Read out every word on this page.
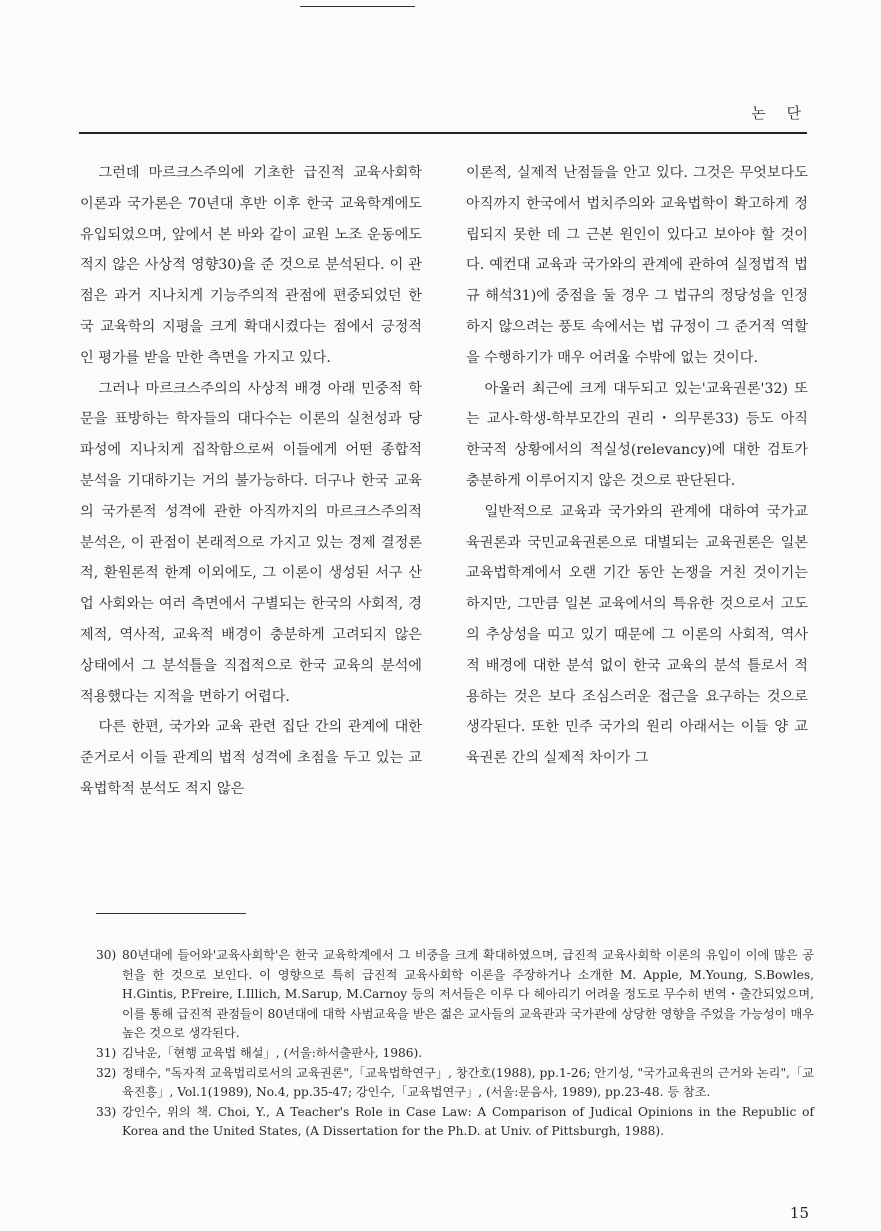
논 단

그런데 마르크스주의에 기초한 급진적 교육사회학 이론과 국가론은 70년대 후반 이후 한국 교육학계에도 유입되었으며, 앞에서 본 바와 같이 교원 노조 운동에도 적지 않은 사상적 영향30)을 준 것으로 분석된다. 이 관점은 과거 지나치게 기능주의적 관점에 편중되었던 한국 교육학의 지평을 크게 확대시켰다는 점에서 긍정적인 평가를 받을 만한 측면을 가지고 있다.

그러나 마르크스주의의 사상적 배경 아래 민중적 학문을 표방하는 학자들의 대다수는 이론의 실천성과 당파성에 지나치게 집착함으로써 이들에게 어떤 종합적 분석을 기대하기는 거의 불가능하다. 더구나 한국 교육의 국가론적 성격에 관한 아직까지의 마르크스주의적 분석은, 이 관점이 본래적으로 가지고 있는 경제 결정론적, 환원론적 한계 이외에도, 그 이론이 생성된 서구 산업 사회와는 여러 측면에서 구별되는 한국의 사회적, 경제적, 역사적, 교육적 배경이 충분하게 고려되지 않은 상태에서 그 분석틀을 직접적으로 한국 교육의 분석에 적용했다는 지적을 면하기 어렵다.

다른 한편, 국가와 교육 관련 집단 간의 관계에 대한 준거로서 이들 관계의 법적 성격에 초점을 두고 있는 교육법학적 분석도 적지 않은

이론적, 실제적 난점들을 안고 있다. 그것은 무엇보다도 아직까지 한국에서 법치주의와 교육법학이 확고하게 정립되지 못한 데 그 근본 원인이 있다고 보아야 할 것이다. 예컨대 교육과 국가와의 관계에 관하여 실정법적 법규 해석31)에 중점을 둘 경우 그 법규의 정당성을 인정하지 않으려는 풍토 속에서는 법 규정이 그 준거적 역할을 수행하기가 매우 어려울 수밖에 없는 것이다.

아울러 최근에 크게 대두되고 있는'교육권론'32) 또는 교사-학생-학부모간의 권리・의무론33) 등도 아직 한국적 상황에서의 적실성(relevancy)에 대한 검토가 충분하게 이루어지지 않은 것으로 판단된다.

일반적으로 교육과 국가와의 관계에 대하여 국가교육권론과 국민교육권론으로 대별되는 교육권론은 일본 교육법학계에서 오랜 기간 동안 논쟁을 거친 것이기는 하지만, 그만큼 일본 교육에서의 특유한 것으로서 고도의 추상성을 띠고 있기 때문에 그 이론의 사회적, 역사적 배경에 대한 분석 없이 한국 교육의 분석 틀로서 적용하는 것은 보다 조심스러운 접근을 요구하는 것으로 생각된다. 또한 민주 국가의 원리 아래서는 이들 양 교육권론 간의 실제적 차이가 그

30) 80년대에 들어와'교육사회학'은 한국 교육학계에서 그 비중을 크게 확대하였으며, 급진적 교육사회학 이론의 유입이 이에 많은 공헌을 한 것으로 보인다. 이 영향으로 특히 급진적 교육사회학 이론을 주장하거나 소개한 M. Apple, M.Young, S.Bowles, H.Gintis, P.Freire, I.Illich, M.Sarup, M.Carnoy 등의 저서들은 이루 다 헤아리기 어려울 정도로 무수히 번역・출간되었으며, 이를 통해 급진적 관점들이 80년대에 대학 사범교육을 받은 젊은 교사들의 교육관과 국가관에 상당한 영향을 주었을 가능성이 매우 높은 것으로 생각된다.
31) 김낙운,「현행 교육법 해설」, (서울:하서출판사, 1986).
32) 정태수, "독자적 교육법리로서의 교육권론",「교육법학연구」, 창간호(1988), pp.1-26; 안기성, "국가교육권의 근거와 논리",「교육진흥」, Vol.1(1989), No.4, pp.35-47; 강인수,「교육법연구」, (서울:문음사, 1989), pp.23-48. 등 참조.
33) 강인수, 위의 책. Choi, Y., A Teacher's Role in Case Law: A Comparison of Judical Opinions in the Republic of Korea and the United States, (A Dissertation for the Ph.D. at Univ. of Pittsburgh, 1988).
15
